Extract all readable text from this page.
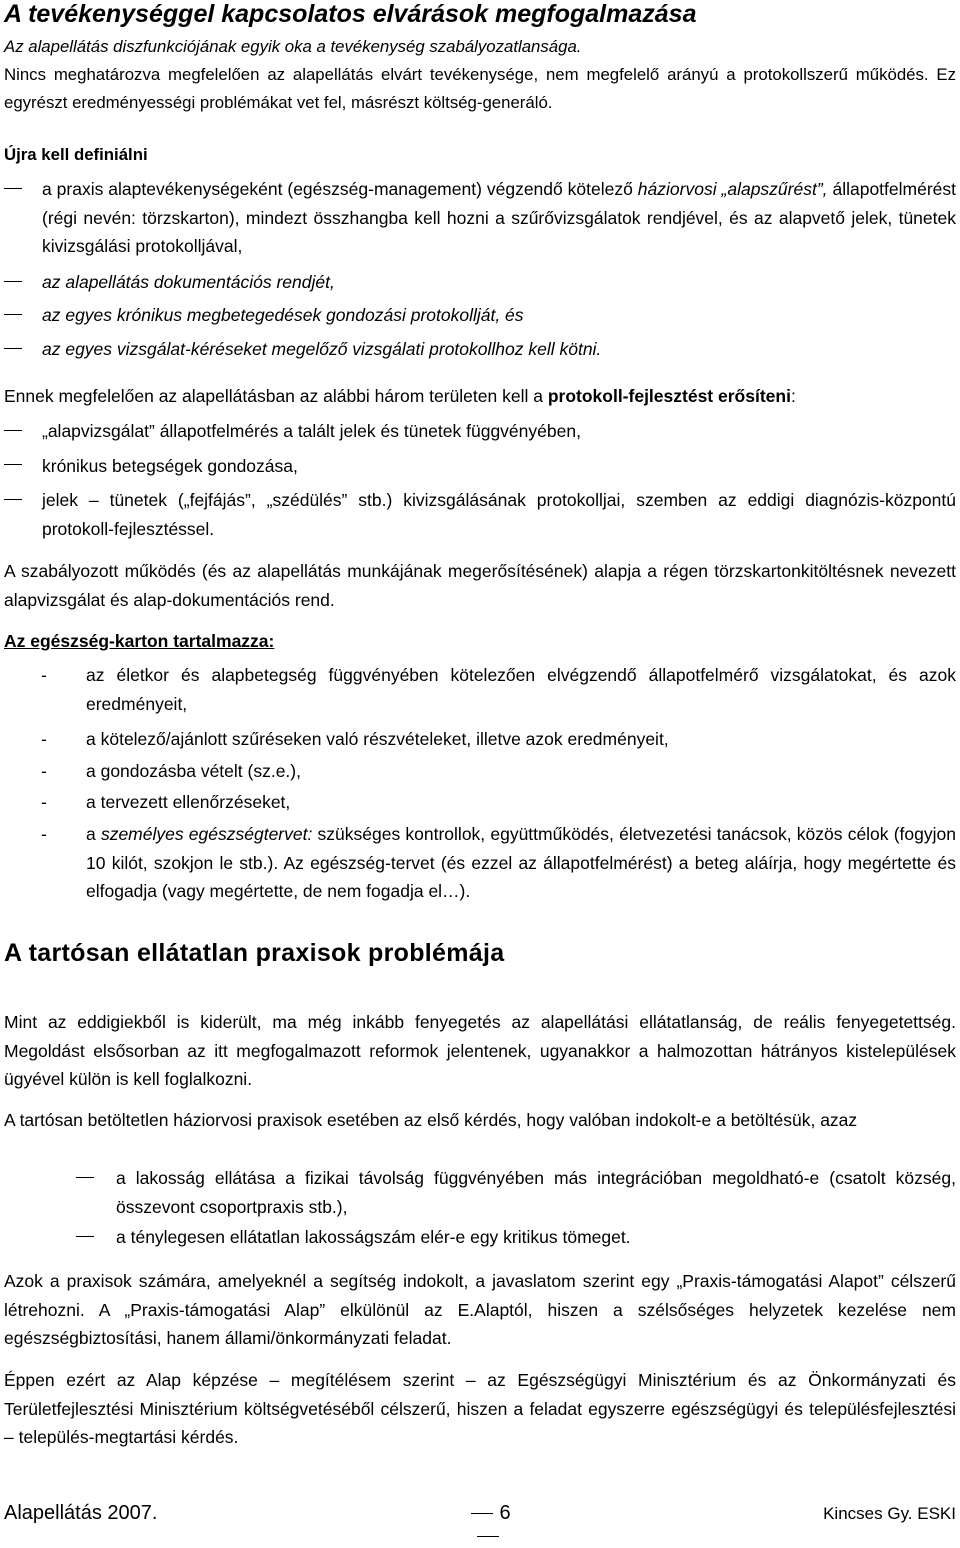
A tevékenységgel kapcsolatos elvárások megfogalmazása
Az alapellátás diszfunkciójának egyik oka a tevékenység szabályozatlansága.
Nincs meghatározva megfelelően az alapellátás elvárt tevékenysége, nem megfelelő arányú a protokollszerű működés. Ez egyrészt eredményességi problémákat vet fel, másrészt költség-generáló.
Újra kell definiálni
a praxis alaptevékenységeként (egészség-management) végzendő kötelező háziorvosi „alapszűrést”, állapotfelmérést (régi nevén: törzskarton), mindezt összhangba kell hozni a szűrővizsgálatok rendjével, és az alapvető jelek, tünetek kivizsgálási protokolljával,
az alapellátás dokumentációs rendjét,
az egyes krónikus megbetegedések gondozási protokollját, és
az egyes vizsgálat-kéréseket megelőző vizsgálati protokollhoz kell kötni.
Ennek megfelelően az alapellátásban az alábbi három területen kell a protokoll-fejlesztést erősíteni:
„alapvizsgálat” állapotfelmérés a talált jelek és tünetek függvényében,
krónikus betegségek gondozása,
jelek – tünetek („fejfájás”, „szédülés” stb.) kivizsgálásának protokolljai, szemben az eddigi diagnózis-központú protokoll-fejlesztéssel.
A szabályozott működés (és az alapellátás munkájának megerősítésének) alapja a régen törzskartonkitöltésnek nevezett alapvizsgálat és alap-dokumentációs rend.
Az egészség-karton tartalmazza:
-	az életkor és alapbetegség függvényében kötelezően elvégzendő állapotfelmérő vizsgálatokat, és azok eredményeit,
-	a kötelező/ajánlott szűréseken való részvételeket, illetve azok eredményeit,
-	a gondozásba vételt (sz.e.),
-	a tervezett ellenőrzéseket,
-	a személyes egészségtervet: szükséges kontrollok, együttműködés, életvezetési tanácsok, közös célok (fogyjon 10 kilót, szokjon le stb.). Az egészség-tervet (és ezzel az állapotfelmérést) a beteg aláírja, hogy megértette és elfogadja (vagy megértette, de nem fogadja el…).
A tartósan ellátatlan praxisok problémája
Mint az eddigiekből is kiderült, ma még inkább fenyegetés az alapellátási ellátatlanság, de reális fenyegetettség. Megoldást elsősorban az itt megfogalmazott reformok jelentenek, ugyanakkor a halmozottan hátrányos kistelepülések ügyével külön is kell foglalkozni.
A tartósan betöltetlen háziorvosi praxisok esetében az első kérdés, hogy valóban indokolt-e a betöltésük, azaz
a lakosság ellátása a fizikai távolság függvényében más integrációban megoldható-e (csatolt község, összevont csoportpraxis stb.),
a ténylegesen ellátatlan lakosságszám elér-e egy kritikus tömeget.
Azok a praxisok számára, amelyeknél a segítség indokolt, a javaslatom szerint egy „Praxis-támogatási Alapot” célszerű létrehozni. A „Praxis-támogatási Alap” elkülönül az E.Alaptól, hiszen a szélsőséges helyzetek kezelése nem egészségbiztosítási, hanem állami/önkormányzati feladat.
Éppen ezért az Alap képzése – megítélésem szerint – az Egészségügyi Minisztérium és az Önkormányzati és Területfejlesztési Minisztérium költségvetéséből célszerű, hiszen a feladat egyszerre egészségügyi és településfejlesztési – település-megtartási kérdés.
Alapellátás 2007.	6	Kincses Gy. ESKI
